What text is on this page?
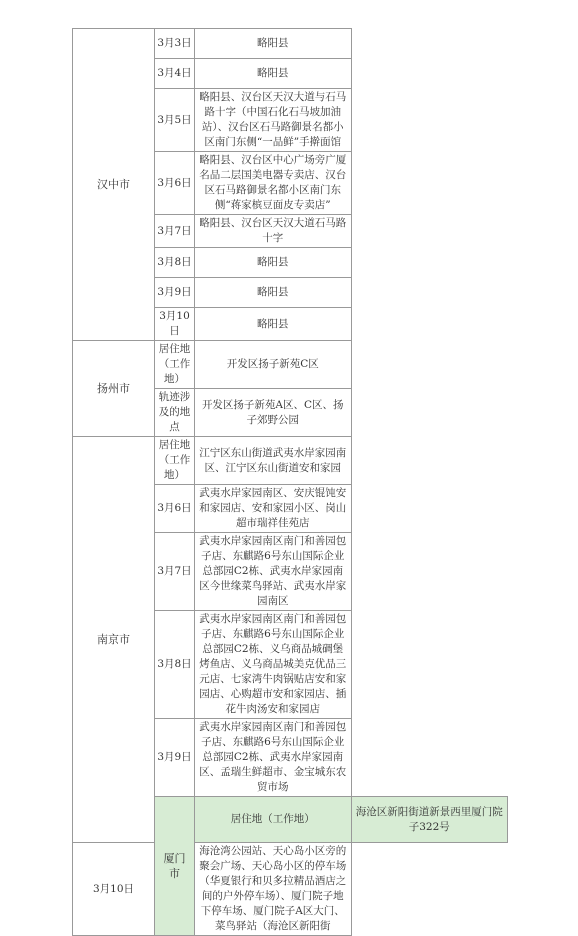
汉中市	3月3日	略阳县	
	3月4日	略阳县	
	3月5日	略阳县、汉台区天汉大道与石马路十字（中国石化石马坡加油站）、汉台区石马路御景名都小区南门东侧“一品鲜”手擀面馆	
	3月6日	略阳县、汉台区中心广场旁广厦名品二层国美电器专卖店、汉台区石马路御景名都小区南门东侧“蒋家槟豆面皮专卖店”	
	3月7日	略阳县、汉台区天汉大道石马路十字	
	3月8日	略阳县	
	3月9日	略阳县	
	3月10日	略阳县	
扬州市	居住地（工作地）	开发区扬子新苑C区	
	轨迹涉及的地点	开发区扬子新苑A区、C区、扬子郊野公园	
南京市	居住地（工作地）	江宁区东山街道武夷水岸家园南区、江宁区东山街道安和家园	
	3月6日	武夷水岸家园南区、安庆锟饨安和家园店、安和家园小区、岗山超市瑞祥佳苑店	
	3月7日	武夷水岸家园南区南门和善园包子店、东麒路6号东山国际企业总部园C2栋、武夷水岸家园南区今世缘菜鸟驿站、武夷水岸家园南区	
	3月8日	武夷水岸家园南区南门和善园包子店、东麒路6号东山国际企业总部园C2栋、义乌商品城碉堡烤鱼店、义乌商品城美克优品三元店、七家湾牛肉锅贴店安和家园店、心购超市安和家园店、插花牛肉汤安和家园店	
	3月9日	武夷水岸家园南区南门和善园包子店、东麒路6号东山国际企业总部园C2栋、武夷水岸家园南区、孟瑞生鲜超市、金宝城东农贸市场	
	厦门市	居住地（工作地）	海沧区新阳街道新景西里厦门院子322号
3月10日		海沧湾公园站、天心岛小区旁的聚会广场、天心岛小区的停车场（华夏银行和贝多拉精品酒店之间的户外停车场）、厦门院子地下停车场、厦门院子A区大门、菜鸟驿站（海沧区新阳街	
